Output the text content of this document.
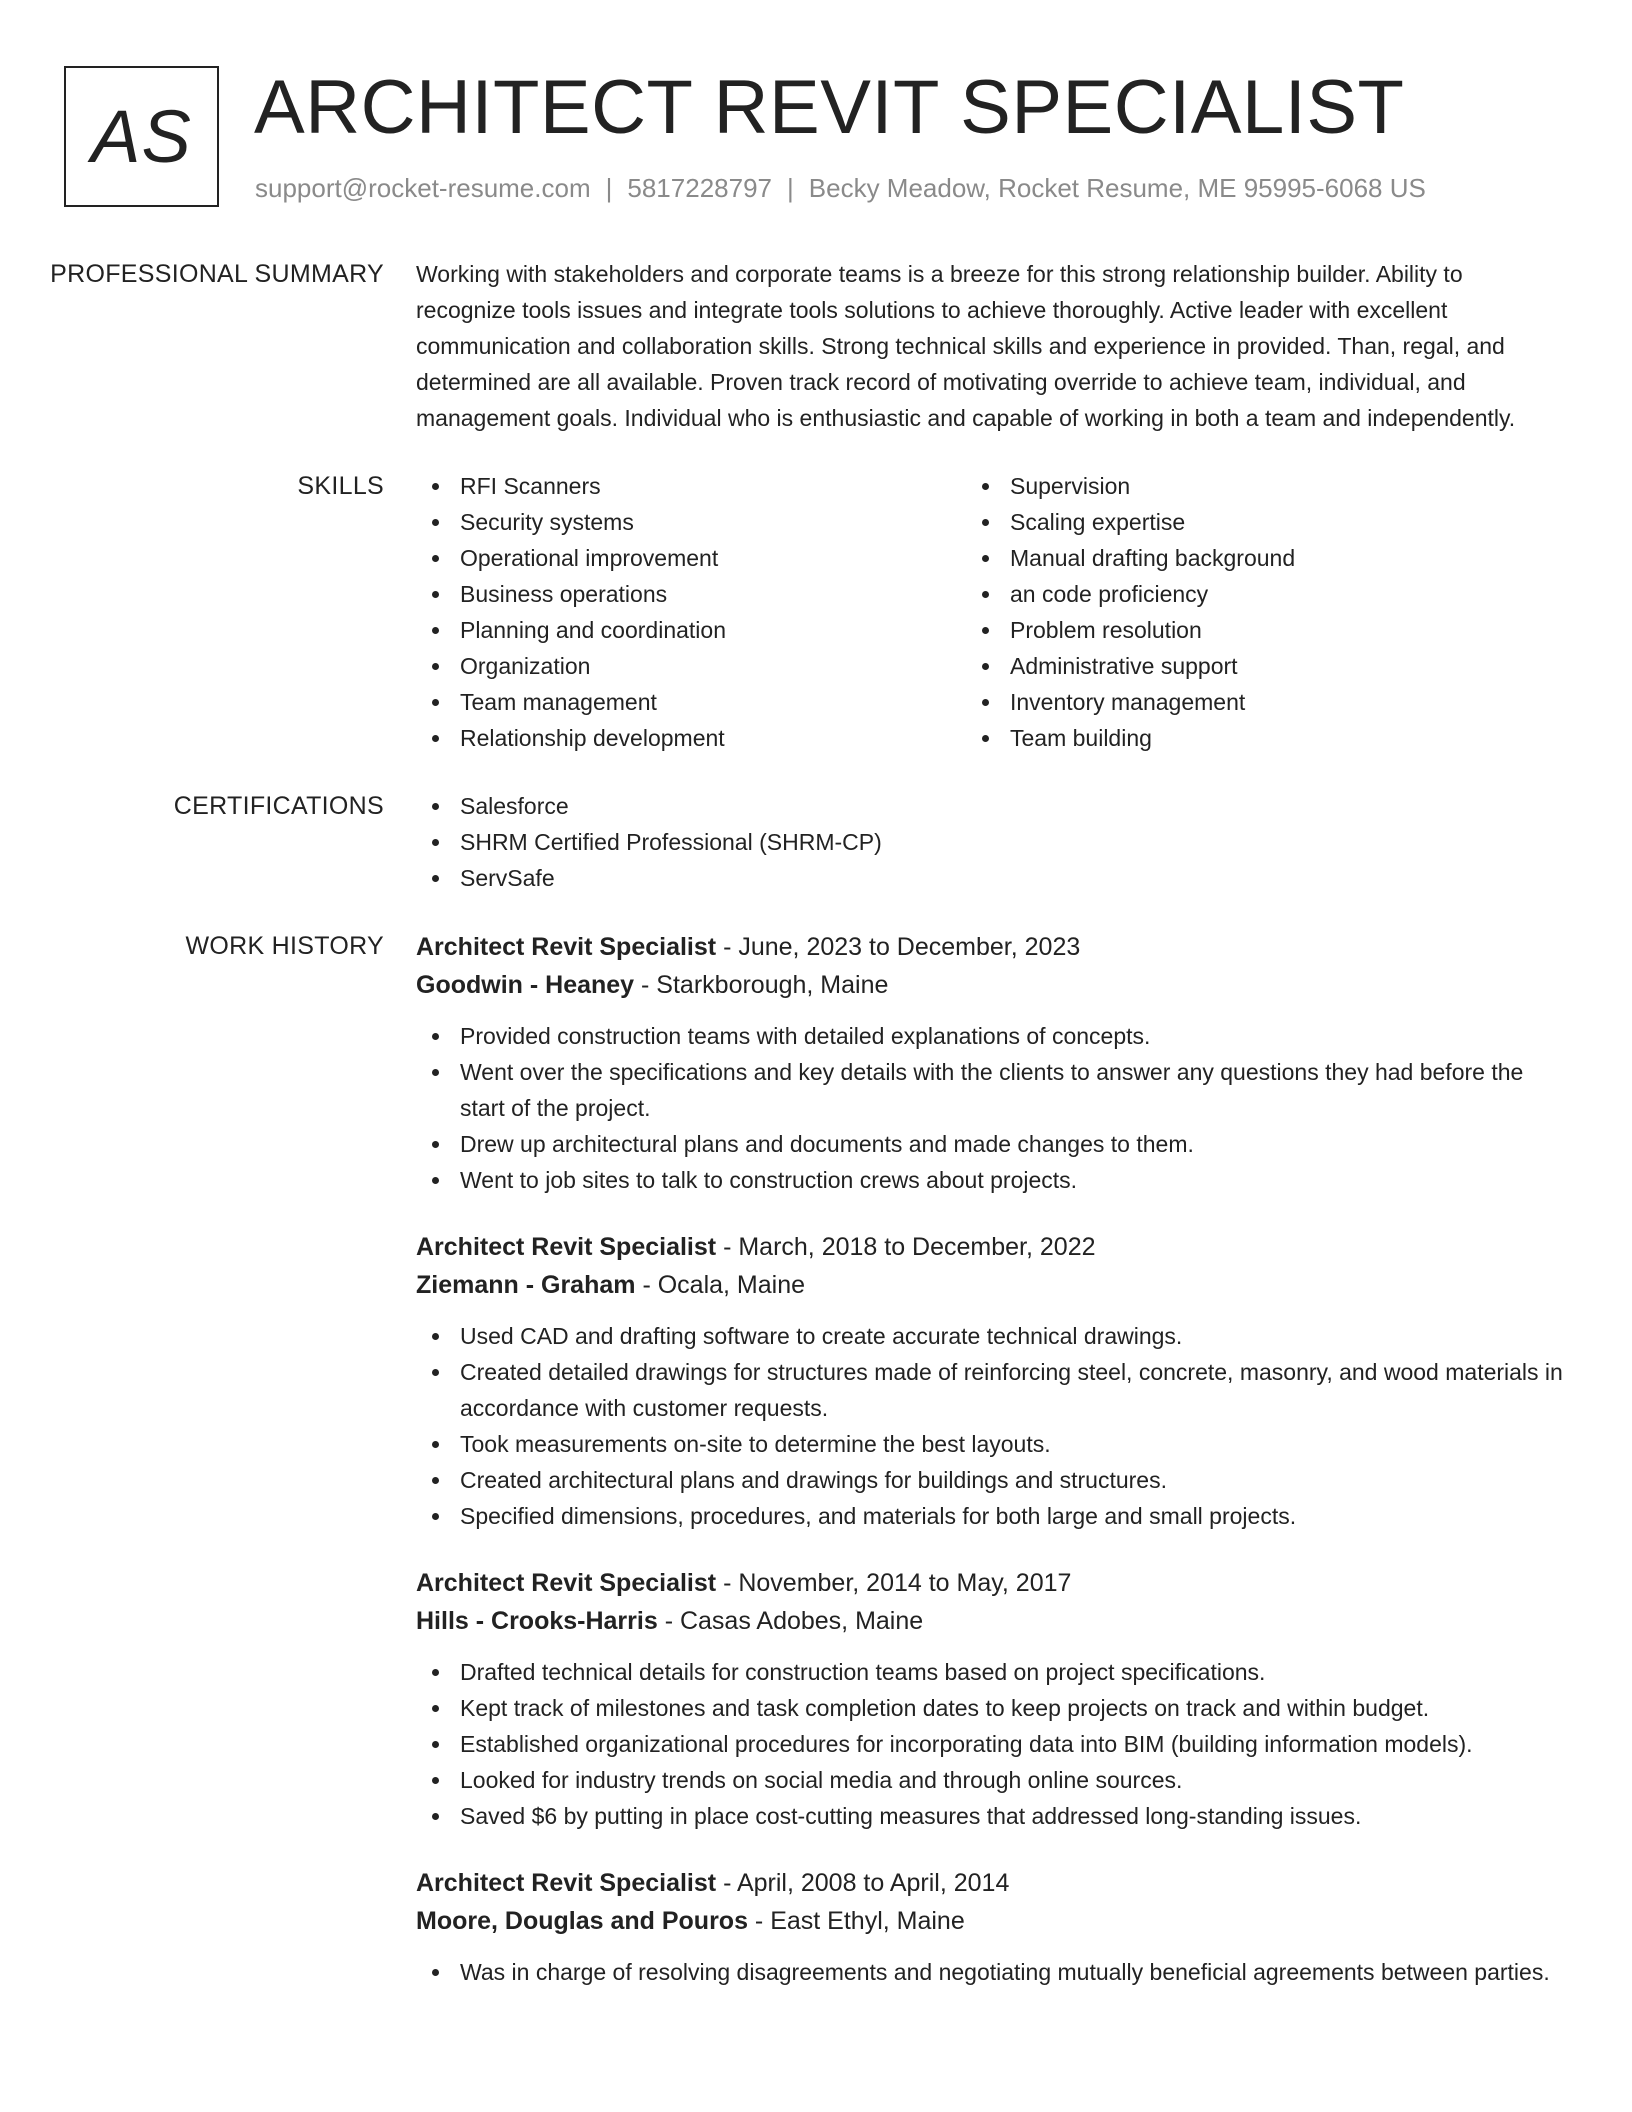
AS ARCHITECT REVIT SPECIALIST
support@rocket-resume.com | 5817228797 | Becky Meadow, Rocket Resume, ME 95995-6068 US
PROFESSIONAL SUMMARY	Working with stakeholders and corporate teams is a breeze for this strong relationship builder. Ability to recognize tools issues and integrate tools solutions to achieve thoroughly. Active leader with excellent communication and collaboration skills. Strong technical skills and experience in provided. Than, regal, and determined are all available. Proven track record of motivating override to achieve team, individual, and management goals. Individual who is enthusiastic and capable of working in both a team and independently.

SKILLS	RFI Scanners
Security systems
Operational improvement
Business operations
Planning and coordination
Organization
Team management
Relationship development
Supervision
Scaling expertise
Manual drafting background
an code proficiency
Problem resolution
Administrative support
Inventory management
Team building
CERTIFICATIONS	Salesforce
SHRM Certified Professional (SHRM-CP)
ServSafe
WORK HISTORY	Architect Revit Specialist - June, 2023 to December, 2023
Goodwin - Heaney - Starkborough, Maine
Provided construction teams with detailed explanations of concepts.
Went over the specifications and key details with the clients to answer any questions they had before the start of the project.
Drew up architectural plans and documents and made changes to them.
Went to job sites to talk to construction crews about projects.
Architect Revit Specialist - March, 2018 to December, 2022
Ziemann - Graham - Ocala, Maine
Used CAD and drafting software to create accurate technical drawings.
Created detailed drawings for structures made of reinforcing steel, concrete, masonry, and wood materials in accordance with customer requests.
Took measurements on-site to determine the best layouts.
Created architectural plans and drawings for buildings and structures.
Specified dimensions, procedures, and materials for both large and small projects.
Architect Revit Specialist - November, 2014 to May, 2017
Hills - Crooks-Harris - Casas Adobes, Maine
Drafted technical details for construction teams based on project specifications.
Kept track of milestones and task completion dates to keep projects on track and within budget.
Established organizational procedures for incorporating data into BIM (building information models).
Looked for industry trends on social media and through online sources.
Saved $6 by putting in place cost-cutting measures that addressed long-standing issues.
Architect Revit Specialist - April, 2008 to April, 2014
Moore, Douglas and Pouros - East Ethyl, Maine
Was in charge of resolving disagreements and negotiating mutually beneficial agreements between parties.
